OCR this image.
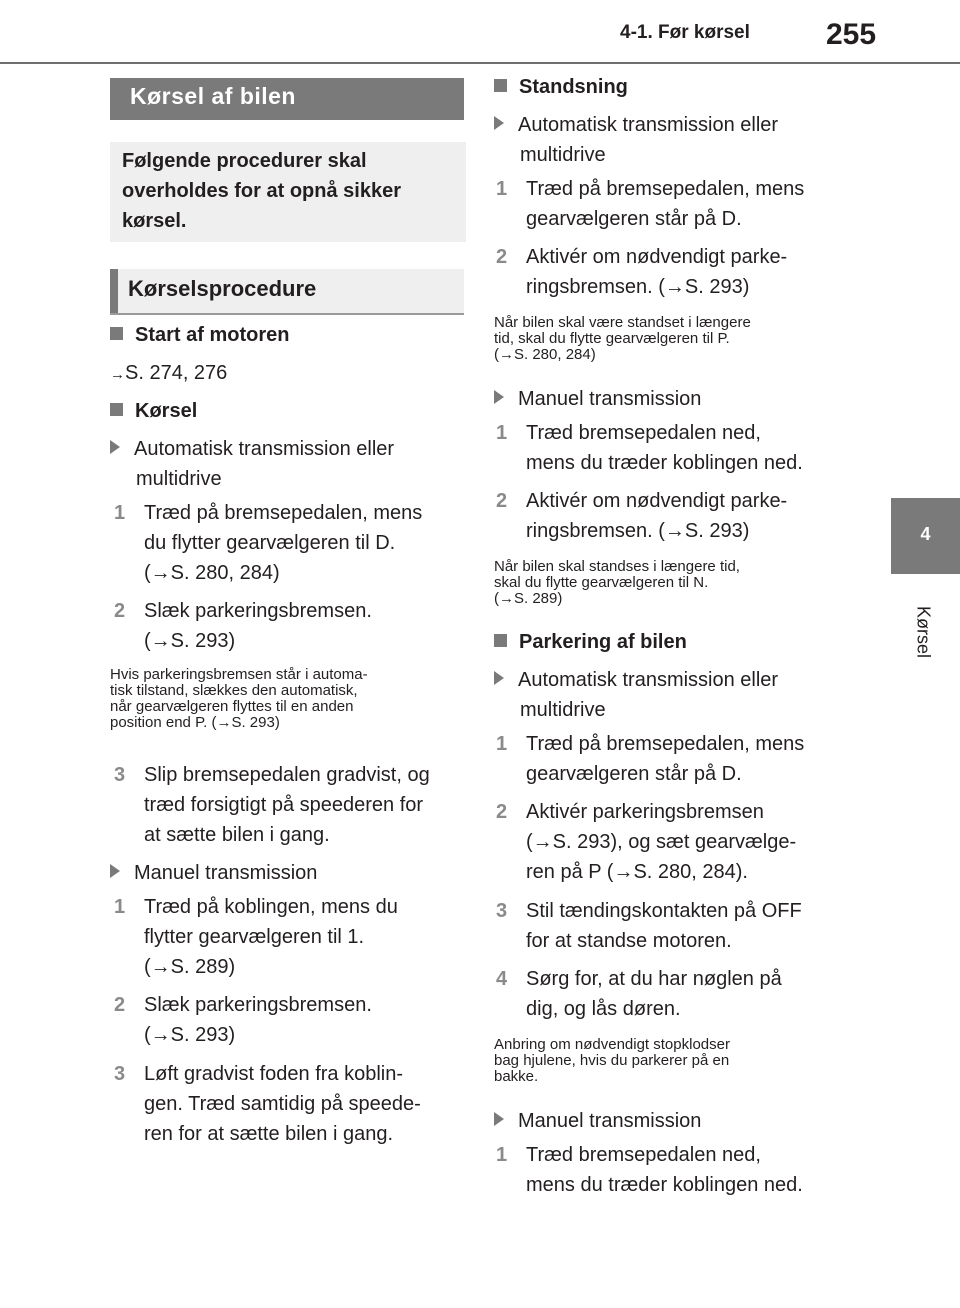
4-1. Før kørsel	255
4
Kørsel
Kørsel af bilen
Følgende procedurer skal
overholdes for at opnå sikker
kørsel.
Kørselsprocedure
Start af motoren
→S. 274, 276
Kørsel
Automatisk transmission eller
multidrive
1 Træd på bremsepedalen, mens
du flytter gearvælgeren til D.
(→S. 280, 284)
2 Slæk parkeringsbremsen.
(→S. 293)
Hvis parkeringsbremsen står i automa-
tisk tilstand, slækkes den automatisk,
når gearvælgeren flyttes til en anden
position end P. (→S. 293)
3 Slip bremsepedalen gradvist, og
træd forsigtigt på speederen for
at sætte bilen i gang.
Manuel transmission
1 Træd på koblingen, mens du
flytter gearvælgeren til 1.
(→S. 289)
2 Slæk parkeringsbremsen.
(→S. 293)
3 Løft gradvist foden fra koblin-
gen. Træd samtidig på speede-
ren for at sætte bilen i gang.
Standsning
Automatisk transmission eller
multidrive
1 Træd på bremsepedalen, mens
gearvælgeren står på D.
2 Aktivér om nødvendigt parke-
ringsbremsen. (→S. 293)
Når bilen skal være standset i længere
tid, skal du flytte gearvælgeren til P.
(→S. 280, 284)
Manuel transmission
1 Træd bremsepedalen ned,
mens du træder koblingen ned.
2 Aktivér om nødvendigt parke-
ringsbremsen. (→S. 293)
Når bilen skal standses i længere tid,
skal du flytte gearvælgeren til N.
(→S. 289)
Parkering af bilen
Automatisk transmission eller
multidrive
1 Træd på bremsepedalen, mens
gearvælgeren står på D.
2 Aktivér parkeringsbremsen
(→S. 293), og sæt gearvælge-
ren på P (→S. 280, 284).
3 Stil tændingskontakten på OFF
for at standse motoren.
4 Sørg for, at du har nøglen på
dig, og lås døren.
Anbring om nødvendigt stopklodser
bag hjulene, hvis du parkerer på en
bakke.
Manuel transmission
1 Træd bremsepedalen ned,
mens du træder koblingen ned.
